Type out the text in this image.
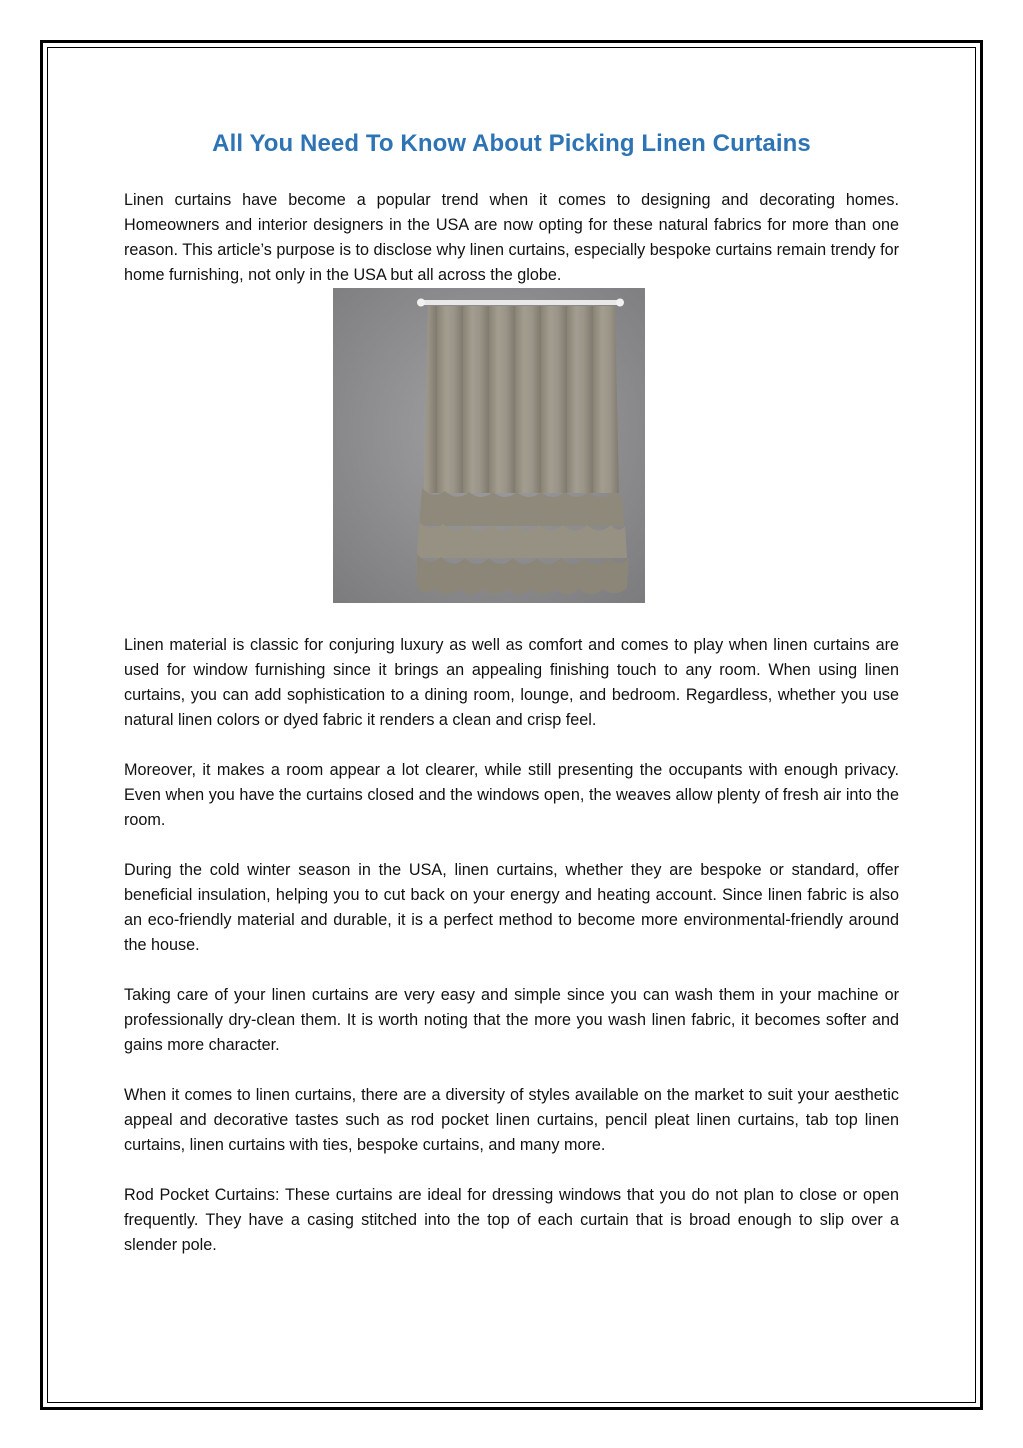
All You Need To Know About Picking Linen Curtains

Linen curtains have become a popular trend when it comes to designing and decorating homes. Homeowners and interior designers in the USA are now opting for these natural fabrics for more than one reason. This article’s purpose is to disclose why linen curtains, especially bespoke curtains remain trendy for home furnishing, not only in the USA but all across the globe.

Linen material is classic for conjuring luxury as well as comfort and comes to play when linen curtains are used for window furnishing since it brings an appealing finishing touch to any room. When using linen curtains, you can add sophistication to a dining room, lounge, and bedroom. Regardless, whether you use natural linen colors or dyed fabric it renders a clean and crisp feel.

Moreover, it makes a room appear a lot clearer, while still presenting the occupants with enough privacy. Even when you have the curtains closed and the windows open, the weaves allow plenty of fresh air into the room.

During the cold winter season in the USA, linen curtains, whether they are bespoke or standard, offer beneficial insulation, helping you to cut back on your energy and heating account. Since linen fabric is also an eco-friendly material and durable, it is a perfect method to become more environmental-friendly around the house.

Taking care of your linen curtains are very easy and simple since you can wash them in your machine or professionally dry-clean them. It is worth noting that the more you wash linen fabric, it becomes softer and gains more character.

When it comes to linen curtains, there are a diversity of styles available on the market to suit your aesthetic appeal and decorative tastes such as rod pocket linen curtains, pencil pleat linen curtains, tab top linen curtains, linen curtains with ties, bespoke curtains, and many more.

Rod Pocket Curtains: These curtains are ideal for dressing windows that you do not plan to close or open frequently. They have a casing stitched into the top of each curtain that is broad enough to slip over a slender pole.
